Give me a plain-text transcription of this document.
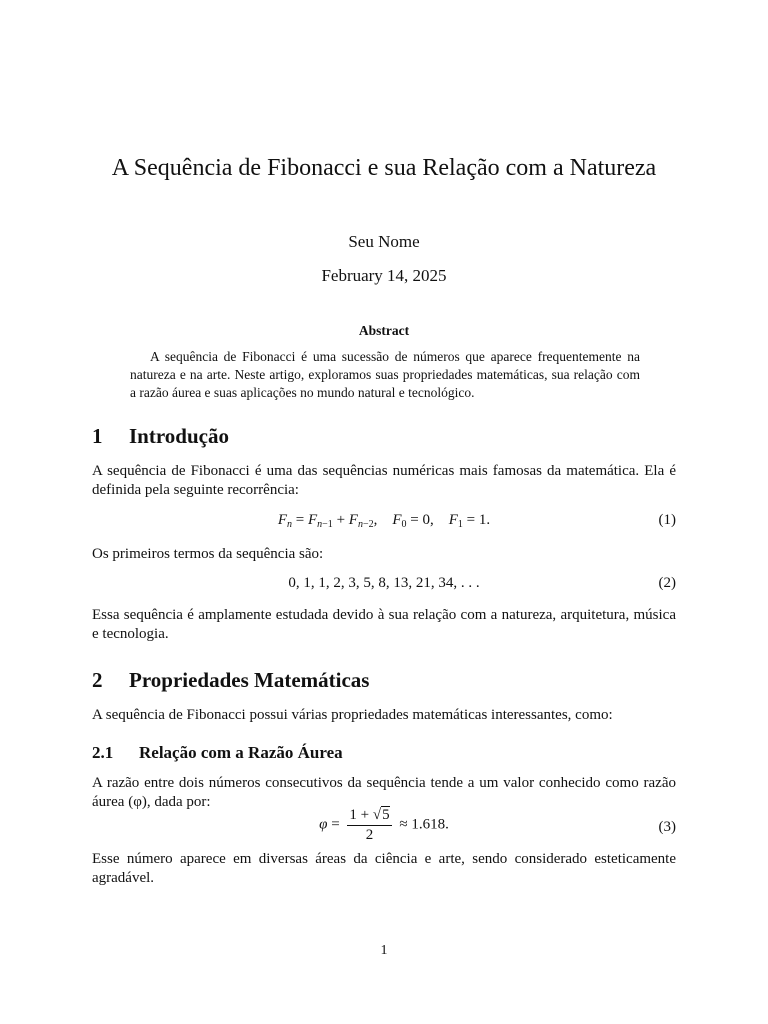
A Sequência de Fibonacci e sua Relação com a Natureza
Seu Nome
February 14, 2025
Abstract
A sequência de Fibonacci é uma sucessão de números que aparece frequentemente na natureza e na arte. Neste artigo, exploramos suas propriedades matemáticas, sua relação com a razão áurea e suas aplicações no mundo natural e tecnológico.
1 Introdução
A sequência de Fibonacci é uma das sequências numéricas mais famosas da matemática. Ela é definida pela seguinte recorrência:
$F_n = F_{n-1} + F_{n-2}$,    $F_0 = 0$,    $F_1 = 1$.	(1)
Os primeiros termos da sequência são:
0, 1, 1, 2, 3, 5, 8, 13, 21, 34, . . .	(2)
Essa sequência é amplamente estudada devido à sua relação com a natureza, arquitetura, música e tecnologia.
2 Propriedades Matemáticas
A sequência de Fibonacci possui várias propriedades matemáticas interessantes, como:
2.1 Relação com a Razão Áurea
A razão entre dois números consecutivos da sequência tende a um valor conhecido como razão áurea (φ), dada por:
$\varphi = \frac{1 + √5}{2} \approx 1.618$.	(3)
Esse número aparece em diversas áreas da ciência e arte, sendo considerado esteticamente agradável.
1
